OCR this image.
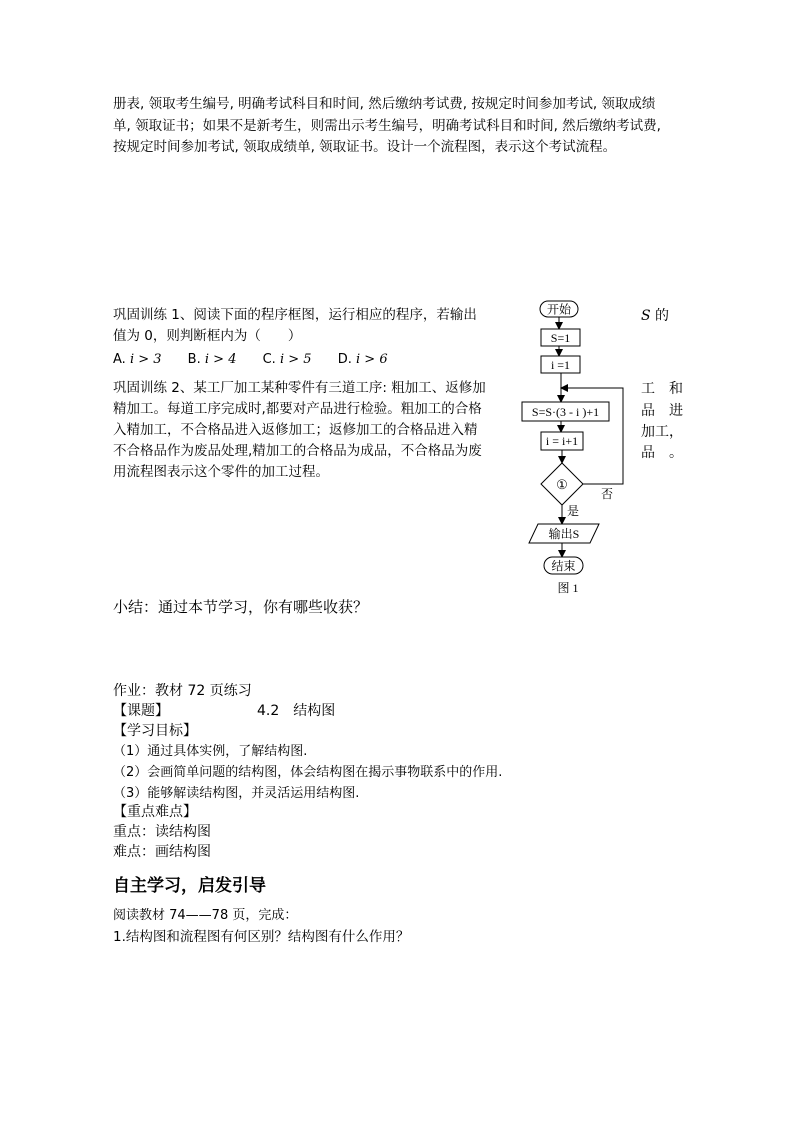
册表, 领取考生编号, 明确考试科目和时间, 然后缴纳考试费, 按规定时间参加考试, 领取成绩
单, 领取证书；如果不是新考生，则需出示考生编号，明确考试科目和时间, 然后缴纳考试费,
按规定时间参加考试, 领取成绩单, 领取证书。设计一个流程图，表示这个考试流程。
巩固训练 1、阅读下面的程序框图，运行相应的程序，若输出
值为 0，则判断框内为（　　）
S 的
A. i > 3 B. i > 4 C. i > 5 D. i > 6
巩固训练 2、某工厂加工某种零件有三道工序: 粗加工、返修加
精加工。每道工序完成时,都要对产品进行检验。粗加工的合格
入精加工，不合格品进入返修加工；返修加工的合格品进入精
不合格品作为废品处理,精加工的合格品为成品，不合格品为废
用流程图表示这个零件的加工过程。
工　和
品　进
加工，
品　。
开始
S=1
i =1
S=S·(3 - i )+1
i = i+1
①
否
是
输出S
结束
图 1
小结：通过本节学习，你有哪些收获？
作业：教材 72 页练习
【课题】	4.2　结构图
【学习目标】
（1）通过具体实例，了解结构图.
（2）会画简单问题的结构图，体会结构图在揭示事物联系中的作用.
（3）能够解读结构图，并灵活运用结构图.
【重点难点】
重点：读结构图
难点：画结构图
自主学习，启发引导
阅读教材 74——78 页，完成：
1.结构图和流程图有何区别？结构图有什么作用？
